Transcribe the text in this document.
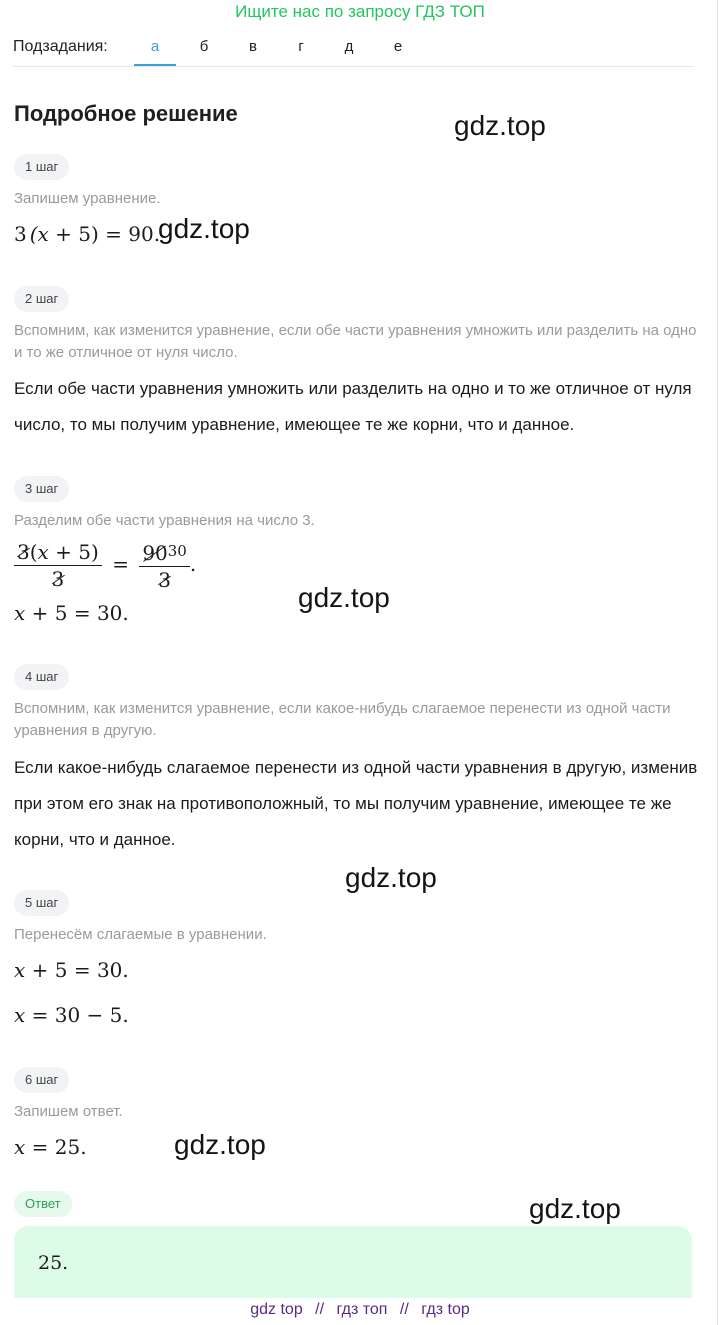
Ищите нас по запросу ГДЗ ТОП
Подзадания:	а	б	в	г	д	е
Подробное решение	gdz.top
1 шаг
Запишем уравнение.
3 (x + 5) = 90.
gdz.top
2 шаг
Вспомним, как изменится уравнение, если обе части уравнения умножить или разделить на одно и то же отличное от нуля число.
Если обе части уравнения умножить или разделить на одно и то же отличное от нуля число, то мы получим уравнение, имеющее те же корни, что и данное.
3 шаг
Разделим обе части уравнения на число 3.
$\frac{3(x + 5)}{3} = \frac{90^{30}}{3}$ .
x + 5 = 30.	gdz.top
4 шаг
Вспомним, как изменится уравнение, если какое-нибудь слагаемое перенести из одной части уравнения в другую.
Если какое-нибудь слагаемое перенести из одной части уравнения в другую, изменив при этом его знак на противоположный, то мы получим уравнение, имеющее те же корни, что и данное.
gdz.top
5 шаг
Перенесём слагаемые в уравнении.
x + 5 = 30.
x = 30 − 5.
6 шаг
Запишем ответ.
x = 25.	gdz.top
Ответ	gdz.top
25.
gdz top // гдз топ // гдз top
